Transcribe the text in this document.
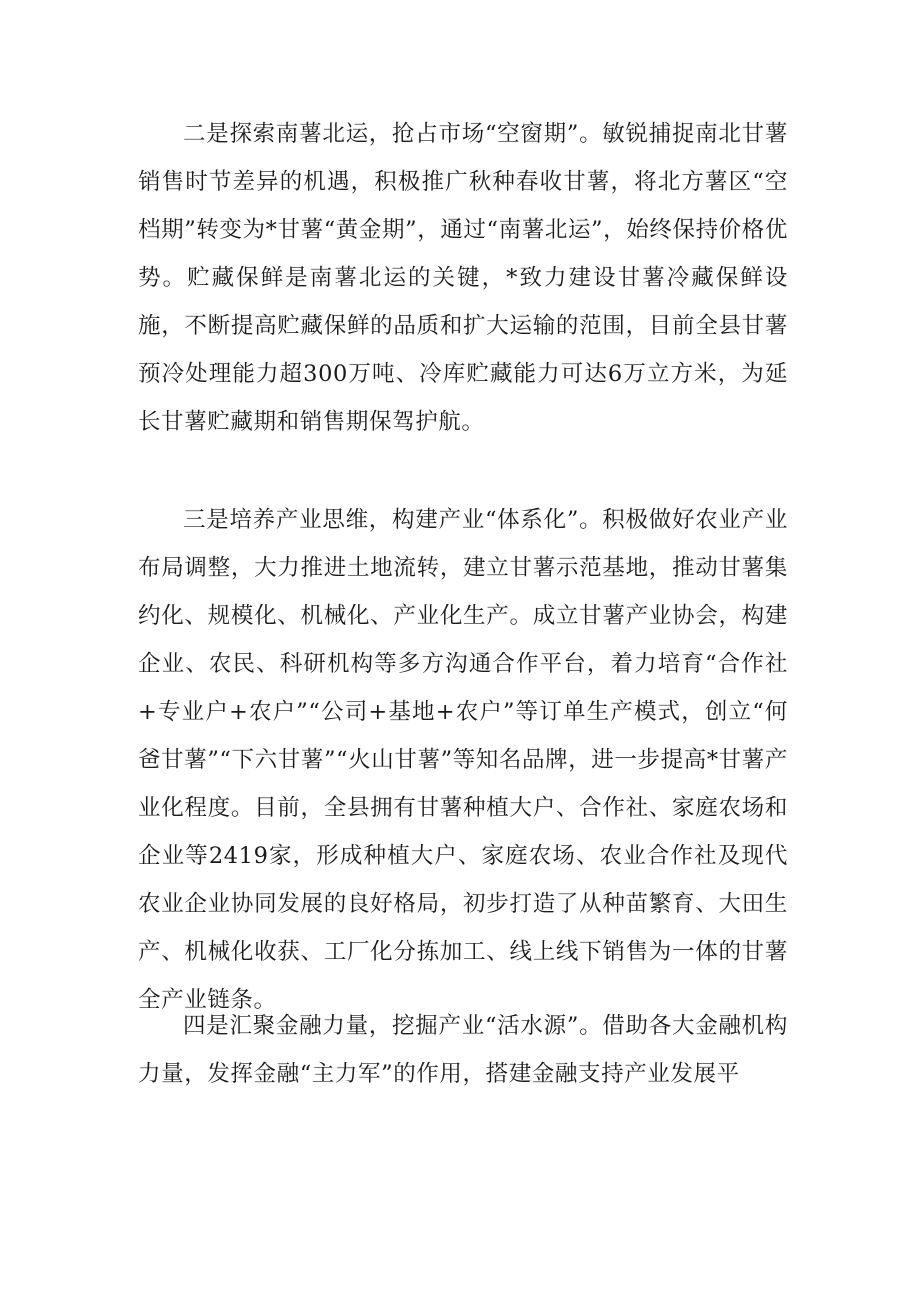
二是探索南薯北运，抢占市场“空窗期”。敏锐捕捉南北甘薯销售时节差异的机遇，积极推广秋种春收甘薯，将北方薯区“空档期”转变为*甘薯“黄金期”，通过“南薯北运”，始终保持价格优势。贮藏保鲜是南薯北运的关键，*致力建设甘薯冷藏保鲜设施，不断提高贮藏保鲜的品质和扩大运输的范围，目前全县甘薯预冷处理能力超300万吨、冷库贮藏能力可达6万立方米，为延长甘薯贮藏期和销售期保驾护航。

三是培养产业思维，构建产业“体系化”。积极做好农业产业布局调整，大力推进土地流转，建立甘薯示范基地，推动甘薯集约化、规模化、机械化、产业化生产。成立甘薯产业协会，构建企业、农民、科研机构等多方沟通合作平台，着力培育“合作社+专业户+农户”“公司+基地+农户”等订单生产模式，创立“何爸甘薯”“下六甘薯”“火山甘薯”等知名品牌，进一步提高*甘薯产业化程度。目前，全县拥有甘薯种植大户、合作社、家庭农场和企业等2419家，形成种植大户、家庭农场、农业合作社及现代农业企业协同发展的良好格局，初步打造了从种苗繁育、大田生产、机械化收获、工厂化分拣加工、线上线下销售为一体的甘薯全产业链条。

四是汇聚金融力量，挖掘产业“活水源”。借助各大金融机构力量，发挥金融“主力军”的作用，搭建金融支持产业发展平
